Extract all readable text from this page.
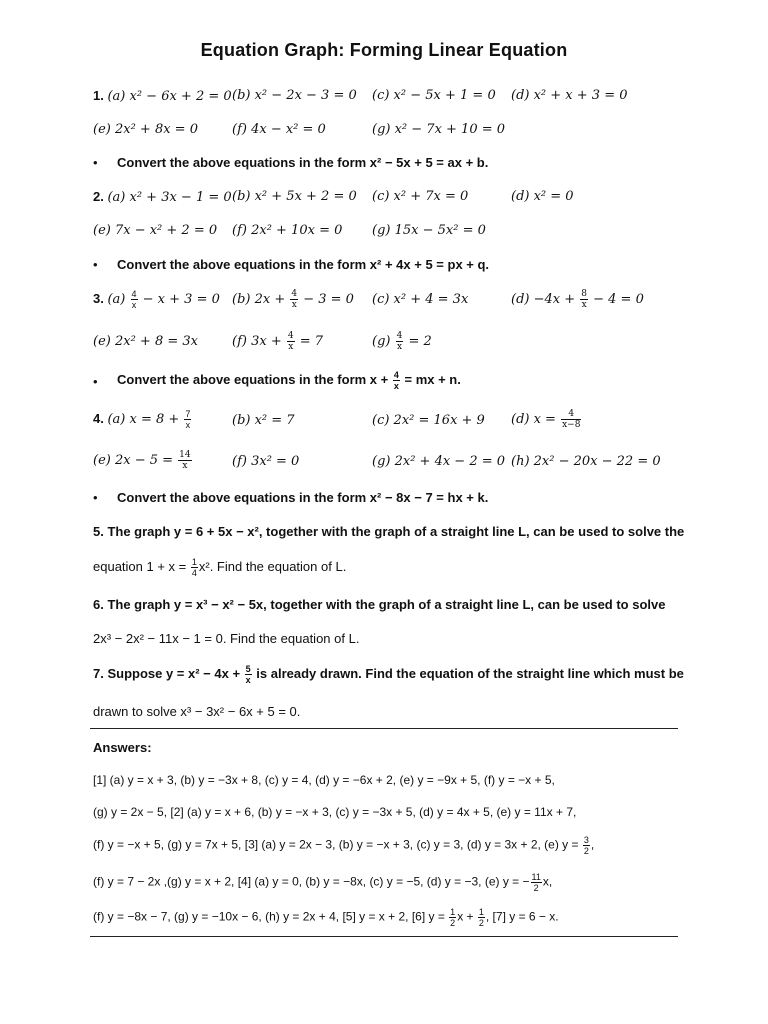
Equation Graph: Forming Linear Equation
1. (a) x² − 6x + 2 = 0 (b) x² − 2x − 3 = 0 (c) x² − 5x + 1 = 0 (d) x² + x + 3 = 0
(e) 2x² + 8x = 0	(f) 4x − x² = 0	(g) x² − 7x + 10 = 0
• Convert the above equations in the form x² − 5x + 5 = ax + b.
2. (a) x² + 3x − 1 = 0 (b) x² + 5x + 2 = 0 (c) x² + 7x = 0	(d) x² = 0
(e) 7x − x² + 2 = 0 (f) 2x² + 10x = 0 (g) 15x − 5x² = 0
• Convert the above equations in the form x² + 4x + 5 = px + q.
3. $(a) \frac{4}{x} - x + 3 = 0$ (b) $2x + \frac{4}{x} - 3 = 0$ (c) x² + 4 = 3x	$(d) -4x + \frac{8}{x} - 4 = 0$
(e) 2x² + 8 = 3x	(f) $3x + \frac{4}{x} = 7$	$(g) \frac{4}{x} = 2$
• Convert the above equations in the form $x + \frac{4}{x}$ = mx + n.
4. (a) $x = 8 + \frac{7}{x}$	(b) x² = 7	(c) 2x² = 16x + 9 (d) $x = \frac{4}{x-8}$
(e) $2x - 5 = \frac{14}{x}$	(f) 3x² = 0	(g) 2x² + 4x − 2 = 0 (h) 2x² − 20x − 22 = 0
• Convert the above equations in the form x² − 8x − 7 = hx + k.
5. The graph y = 6 + 5x − x², together with the graph of a straight line L, can be used to solve the
equation $1 + x = \frac{1}{4} x^2$. Find the equation of L.
6. The graph y = x³ − x² − 5x, together with the graph of a straight line L, can be used to solve
2x³ − 2x² − 11x − 1 = 0. Find the equation of L.
7. Suppose $y = x^2 - 4x + \frac{5}{x}$ is already drawn. Find the equation of the straight line which must be
drawn to solve x³ − 3x² − 6x + 5 = 0.
Answers:
[1] (a) y = x + 3, (b) y = −3x + 8, (c) y = 4, (d) y = −6x + 2, (e) y = −9x + 5, (f) y = −x + 5,
(g) y = 2x − 5, [2] (a) y = x + 6, (b) y = −x + 3, (c) y = −3x + 5, (d) y = 4x + 5, (e) y = 11x + 7,
(f) y = −x + 5, (g) y = 7x + 5, [3] (a) y = 2x − 3, (b) y = −x + 3, (c) y = 3, (d) y = 3x + 2, (e) $y = \frac{3}{2}$ ,
(f) y = 7 − 2x ,(g) y = x + 2, [4] (a) y = 0, (b) y = −8x, (c) y = −5, (d) y = −3, (e) y = − $\frac{11}{2} x$,
(f) y = −8x − 7, (g) y = −10x − 6, (h) y = 2x + 4, [5] y = x + 2, [6] $y = \frac{1}{2}$ $x + \frac{1}{2}$ , [7] y = 6 − x.
